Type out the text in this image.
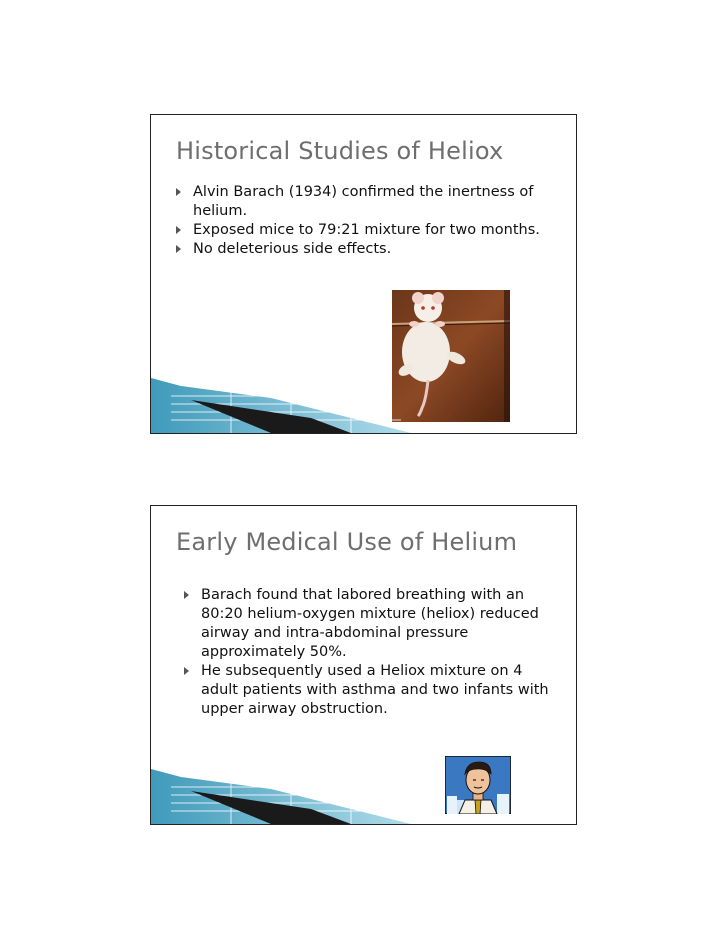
Historical Studies of Heliox
Alvin Barach (1934) confirmed the inertness of helium.
Exposed mice to 79:21 mixture for two months.
No deleterious side effects.
Early Medical Use of Helium
Barach found that labored breathing with an 80:20 helium-oxygen mixture (heliox) reduced airway and intra-abdominal pressure approximately 50%.
He subsequently used a Heliox mixture on 4 adult patients with asthma and two infants with upper airway obstruction.
